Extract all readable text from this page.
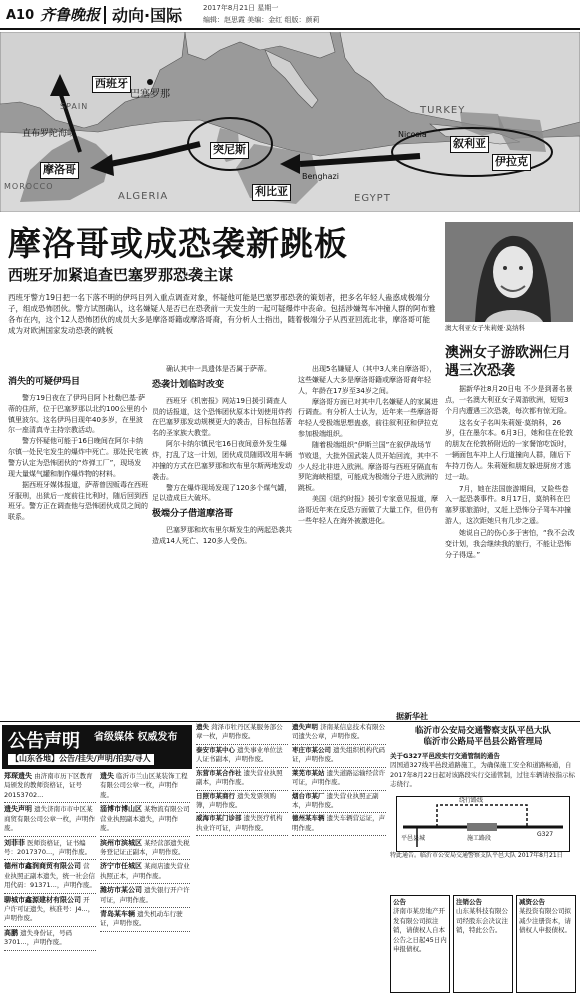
A10 齐鲁晚报 动向·国际	2017年8月21日 星期一
编辑：赵思霞 美编：金红 组版：颜莉
西班牙
巴塞罗那
直布罗陀海峡
摩洛哥
突尼斯
利比亚
叙利亚
伊拉克
TURKEY
ALGERIA	EGYPT
SPAIN
MOROCCO
Nicosia
Benghazi
摩洛哥或成恐袭新跳板
西班牙加紧追查巴塞罗那恐袭主谋

西班牙警方19日把一名下落不明的伊玛目列入重点调查对象，怀疑他可能是巴塞罗那恐袭的策划者，把多名年轻人蛊惑成极端分子，组成恐怖团伙。警方试图确认，这名嫌疑人是否已在恐袭前一天发生的一起可疑爆炸中丧命。包括涉嫌驾车冲撞人群的阿布雅各布在内，这个12人恐怖团伙的成员大多是摩洛哥籍或摩洛哥裔，有分析人士指出，随着极端分子从西亚回流北非，摩洛哥可能成为对欧洲国家发动恐袭的跳板	澳大利亚女子朱莉娅·莫纳科
澳洲女子游欧洲仨月遇三次恐袭

据新华社8月20日电 不少是到著名景点，一名澳大利亚女子周游欧洲，短短3个月内遭遇三次恐袭，每次都有惊无险。

这名女子名叫朱莉娅·莫纳科，26岁，住在墨尔本。6月3日，她和住在伦敦的朋友在伦敦桥附近的一家餐馆吃饭时，一辆面包车冲上人行道撞向人群，随后下车持刀伤人。朱莉娅和朋友躲进厨房才逃过一劫。

7月，她在法国旅游期间，又险些卷入一起恐袭事件。8月17日，莫纳科在巴塞罗那旅游时，又赶上恐怖分子驾车冲撞游人，这次距她只有几步之遥。

她说自己的伤心多于害怕，“我不会改变计划，我会继续我的旅行，不能让恐怖分子得逞。”

消失的可疑伊玛目

警方19日夜在了伊玛目阿卜杜勒巴基·萨蒂的住所，位于巴塞罗那以北约100公里的小镇里波尔。这名伊玛目现年40多岁，在里波尔一座清真寺主持宗教活动。

警方怀疑他可能于16日晚间在阿尔卡纳尔镇一处民宅发生的爆炸中死亡。那处民宅被警方认定为恐怖团伙的“炸弹工厂”，现场发现大量煤气罐和制作爆炸物的材料。

据西班牙媒体报道，萨蒂曾因贩毒在西班牙服刑，出狱后一度前往比利时，随后回到西班牙。警方正在调查他与恐怖团伙成员之间的联系。

确认其中一具遗体是否属于萨蒂。

恐袭计划临时改变

西班牙《机密报》网站19日援引调查人员的话报道，这个恐怖团伙原本计划使用炸药在巴塞罗那发动规模更大的袭击，目标包括著名的圣家族大教堂。

阿尔卡纳尔镇民宅16日夜间意外发生爆炸，打乱了这一计划，团伙成员随即改用车辆冲撞的方式在巴塞罗那和坎布里尔斯两地发动袭击。

警方在爆炸现场发现了120多个煤气罐，足以造成巨大破坏。

极端分子借道摩洛哥

巴塞罗那和坎布里尔斯发生的两起恐袭共造成14人死亡、120多人受伤。

出现5名嫌疑人（其中3人来自摩洛哥），这些嫌疑人大多是摩洛哥籍或摩洛哥裔年轻人，年龄在17岁至34岁之间。

摩洛哥方面已对其中几名嫌疑人的家属进行调查。有分析人士认为，近年来一些摩洛哥年轻人受极端思想蛊惑，前往叙利亚和伊拉克参加极端组织。

随着极端组织“伊斯兰国”在叙伊战场节节败退，大批外国武装人员开始回流，其中不少人经北非进入欧洲。摩洛哥与西班牙隔直布罗陀海峡相望，可能成为极端分子进入欧洲的跳板。

美国《纽约时报》援引专家意见报道，摩洛哥近年来在反恐方面做了大量工作，但仍有一些年轻人在海外被激进化。

据新华社
公告声明 省级媒体 权威发布
【山东各地】公告/挂失/声明/拍卖/寻人
郑琛遗失 由济南市历下区教育局颁发的教师资格证，证号20153702...
遗失声明 遗失济南市市中区某商贸有限公司公章一枚，声明作废。
刘菲菲 医师资格证，证书编号：2017370...，声明作废。
德州市鑫润商贸有限公司 营业执照正副本遗失，统一社会信用代码：91371...，声明作废。
聊城市鑫源建材有限公司 开户许可证遗失，核准号：J4...，声明作废。
高鹏 遗失身份证，号码3701...，声明作废。
遗失 临沂市兰山区某装饰工程有限公司公章一枚，声明作废。
淄博市博山区 某物流有限公司营业执照副本遗失，声明作废。
滨州市滨城区 某经营部遗失税务登记证正副本，声明作废。
济宁市任城区 某商店遗失营业执照正本，声明作废。
潍坊市某公司 遗失银行开户许可证，声明作废。
青岛某车辆 遗失机动车行驶证，声明作废。
遗失 菏泽市牡丹区某服务部公章一枚，声明作废。
泰安市某中心 遗失事业单位法人证书副本，声明作废。
东营市某合作社 遗失营业执照副本，声明作废。
日照市某商行 遗失发票领购簿，声明作废。
威海市某门诊部 遗失医疗机构执业许可证，声明作废。
遗失声明 济南某信息技术有限公司遗失公章，声明作废。
枣庄市某公司 遗失组织机构代码证，声明作废。
莱芜市某站 遗失道路运输经营许可证，声明作废。
烟台市某厂 遗失营业执照正副本，声明作废。
德州某车辆 遗失车辆营运证，声明作废。
临沂市公安局交通警察支队平邑大队
临沂市公路局平邑县公路管理局
关于G327平邑段实行交通管制的通告
因国道327线平邑段道路施工，为确保施工安全和道路畅通，自2017年8月22日起对该路段实行交通管制，过往车辆请按指示标志绕行。
平邑县城
G327
绕行路线
施工路段
特此通告。临沂市公安局交通警察支队平邑大队 2017年8月21日
公告
济南市某房地产开发有限公司拟注销，请债权人自本公告之日起45日内申报债权。
注销公告
山东某科技有限公司经股东会决议注销，特此公告。
减资公告
某投资有限公司拟减少注册资本，请债权人申报债权。
